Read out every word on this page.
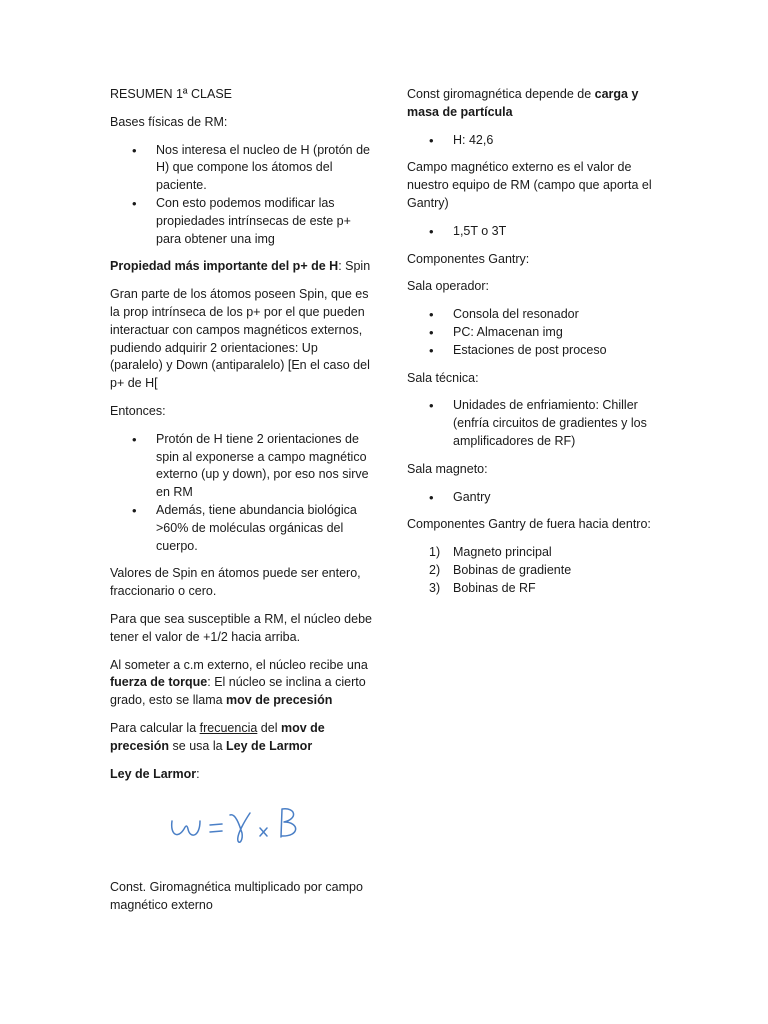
RESUMEN 1ª CLASE

Bases físicas de RM:

• Nos interesa el nucleo de H (protón de H) que compone los átomos del paciente.
• Con esto podemos modificar las propiedades intrínsecas de este p+ para obtener una img

Propiedad más importante del p+ de H: Spin

Gran parte de los átomos poseen Spin, que es la prop intrínseca de los p+ por el que pueden interactuar con campos magnéticos externos, pudiendo adquirir 2 orientaciones: Up (paralelo) y Down (antiparalelo) [En el caso del p+ de H[

Entonces:

• Protón de H tiene 2 orientaciones de spin al exponerse a campo magnético externo (up y down), por eso nos sirve en RM
• Además, tiene abundancia biológica >60% de moléculas orgánicas del cuerpo.

Valores de Spin en átomos puede ser entero, fraccionario o cero.

Para que sea susceptible a RM, el núcleo debe tener el valor de +1/2 hacia arriba.

Al someter a c.m externo, el núcleo recibe una fuerza de torque: El núcleo se inclina a cierto grado, esto se llama mov de precesión

Para calcular la frecuencia del mov de precesión se usa la Ley de Larmor

Ley de Larmor:

Const. Giromagnética multiplicado por campo magnético externo

Const giromagnética depende de carga y masa de partícula

• H: 42,6

Campo magnético externo es el valor de nuestro equipo de RM (campo que aporta el Gantry)

• 1,5T o 3T

Componentes Gantry:

Sala operador:

• Consola del resonador
• PC: Almacenan img
• Estaciones de post proceso

Sala técnica:

• Unidades de enfriamiento: Chiller (enfría circuitos de gradientes y los amplificadores de RF)

Sala magneto:

• Gantry

Componentes Gantry de fuera hacia dentro:

1) Magneto principal
2) Bobinas de gradiente
3) Bobinas de RF
